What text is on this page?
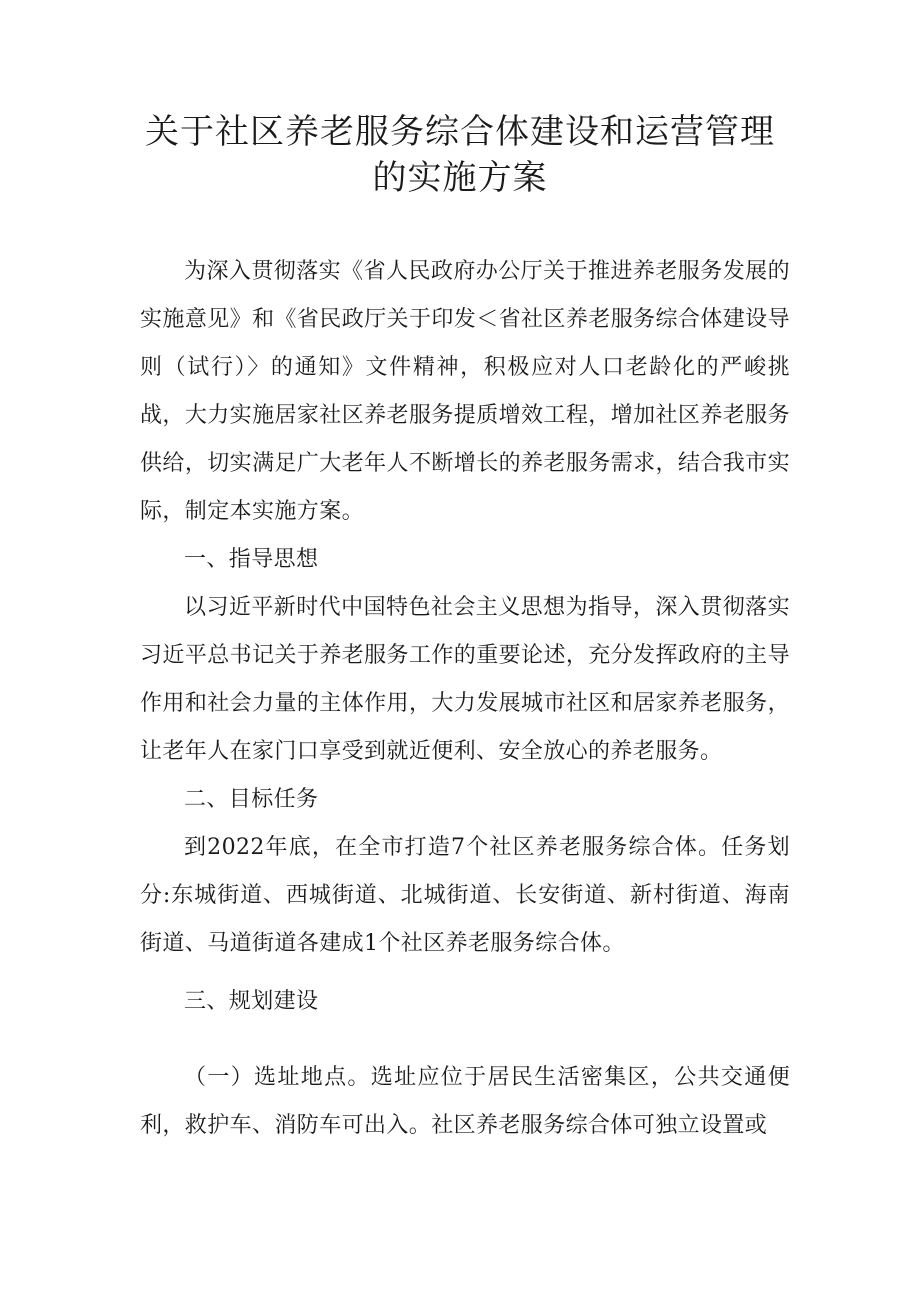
关于社区养老服务综合体建设和运营管理
的实施方案

为深入贯彻落实《省人民政府办公厅关于推进养老服务发展的实施意见》和《省民政厅关于印发＜省社区养老服务综合体建设导则（试行）〉的通知》文件精神，积极应对人口老龄化的严峻挑战，大力实施居家社区养老服务提质增效工程，增加社区养老服务供给，切实满足广大老年人不断增长的养老服务需求，结合我市实际，制定本实施方案。

一、指导思想

以习近平新时代中国特色社会主义思想为指导，深入贯彻落实习近平总书记关于养老服务工作的重要论述，充分发挥政府的主导作用和社会力量的主体作用，大力发展城市社区和居家养老服务，让老年人在家门口享受到就近便利、安全放心的养老服务。

二、目标任务

到2022年底，在全市打造7个社区养老服务综合体。任务划分:东城街道、西城街道、北城街道、长安街道、新村街道、海南街道、马道街道各建成1个社区养老服务综合体。

三、规划建设

（一）选址地点。选址应位于居民生活密集区，公共交通便利，救护车、消防车可出入。社区养老服务综合体可独立设置或
